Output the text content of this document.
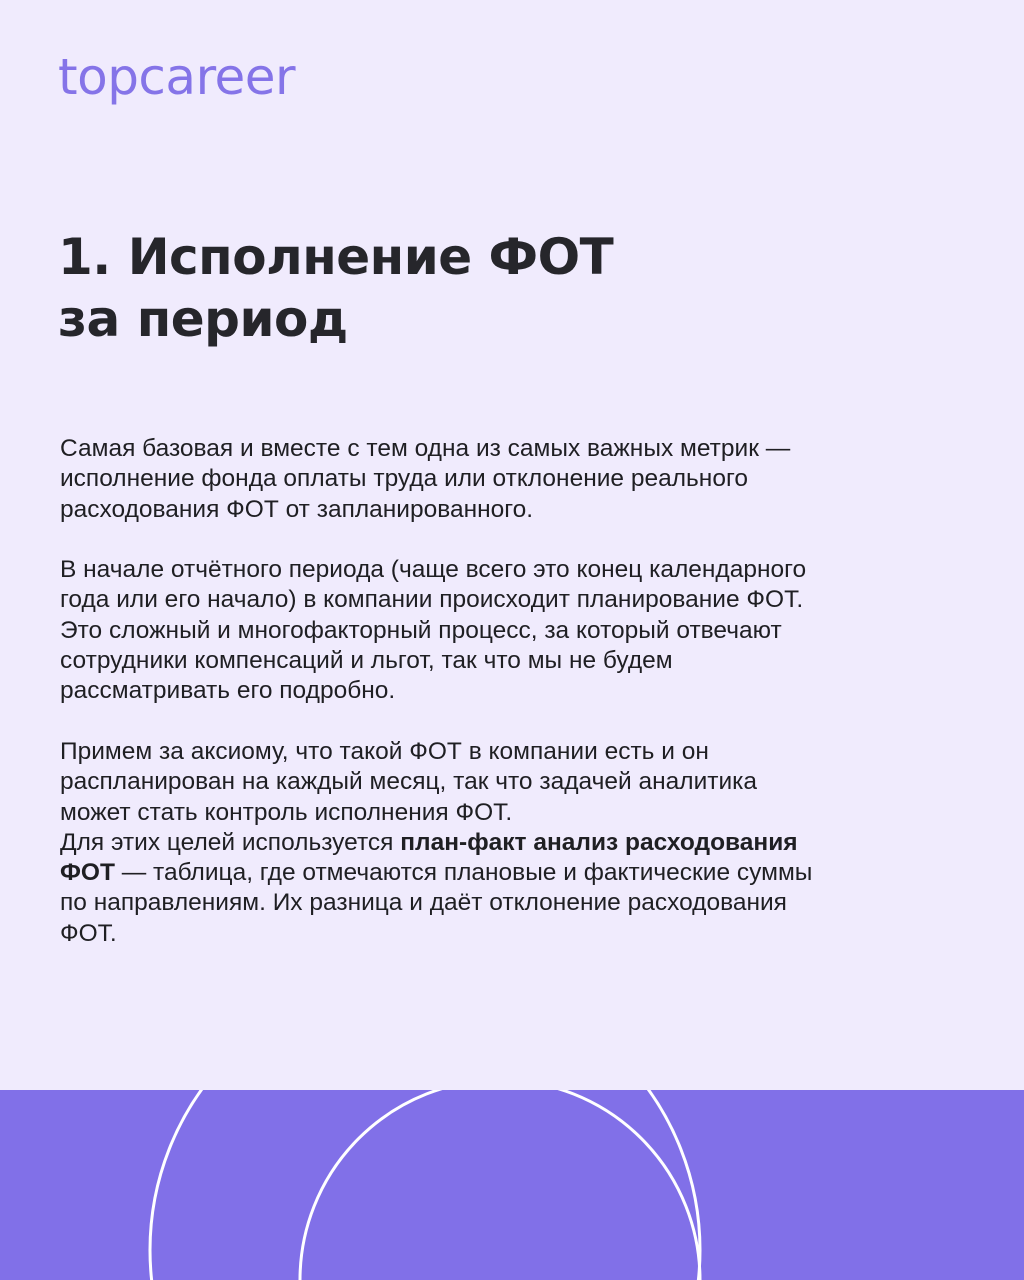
topcareer
1. Исполнение ФОТ
за период

Самая базовая и вместе с тем одна из самых важных метрик —
исполнение фонда оплаты труда или отклонение реального
расходования ФОТ от запланированного.

В начале отчётного периода (чаще всего это конец календарного
года или его начало) в компании происходит планирование ФОТ.
Это сложный и многофакторный процесс, за который отвечают
сотрудники компенсаций и льгот, так что мы не будем
рассматривать его подробно.

Примем за аксиому, что такой ФОТ в компании есть и он
распланирован на каждый месяц, так что задачей аналитика
может стать контроль исполнения ФОТ.
Для этих целей используется план-факт анализ расходования
ФОТ — таблица, где отмечаются плановые и фактические суммы
по направлениям. Их разница и даёт отклонение расходования
ФОТ.
